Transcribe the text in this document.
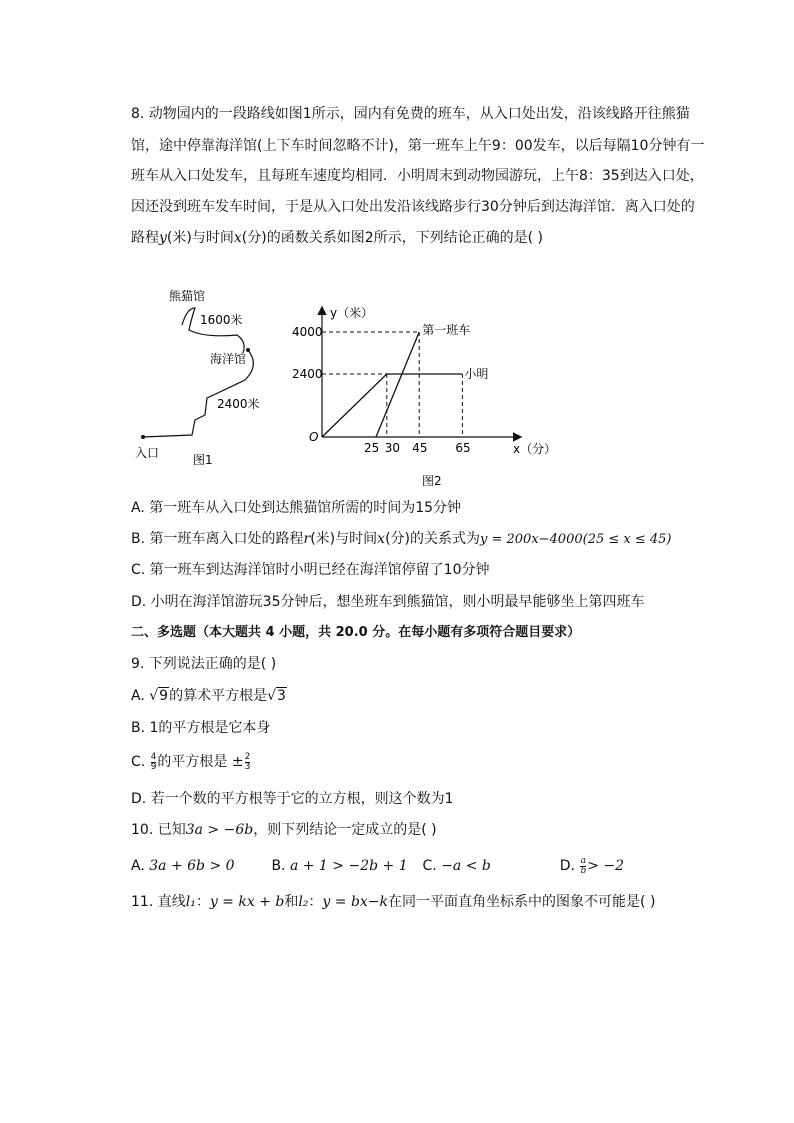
8. 动物园内的一段路线如图1所示，园内有免费的班车，从入口处出发，沿该线路开往熊猫
馆，途中停靠海洋馆(上下车时间忽略不计)，第一班车上午9：00发车，以后每隔10分钟有一
班车从入口处发车，且每班车速度均相同．小明周末到动物园游玩，上午8：35到达入口处，
因还没到班车发车时间，于是从入口处出发沿该线路步行30分钟后到达海洋馆．离入口处的
路程y(米)与时间x(分)的函数关系如图2所示，下列结论正确的是( )
熊猫馆
1600米
海洋馆
2400米
入口	图1
4000
2400
25 30 45 65
第一班车
小明
y（米）
x（分）
O
图2
A. 第一班车从入口处到达熊猫馆所需的时间为15分钟
B. 第一班车离入口处的路程r(米)与时间x(分)的关系式为y = 200x−4000(25 ≤ x ≤ 45)
C. 第一班车到达海洋馆时小明已经在海洋馆停留了10分钟
D. 小明在海洋馆游玩35分钟后，想坐班车到熊猫馆，则小明最早能够坐上第四班车
二、多选题（本大题共 4 小题，共 20.0 分。在每小题有多项符合题目要求）
9. 下列说法正确的是( )
A. √9的算术平方根是√3
B. 1的平方根是它本身
C. $\frac{4}{9}$ 的平方根是 ± $\frac{2}{3}$
D. 若一个数的平方根等于它的立方根，则这个数为1
10. 已知3a > −6b，则下列结论一定成立的是( )
A. 3a + 6b > 0	B. a + 1 > −2b + 1 C. −a < b	D. $\frac{a}{b} > -2$
11. 直线l₁：y = kx + b和l₂：y = bx−k在同一平面直角坐标系中的图象不可能是( )
